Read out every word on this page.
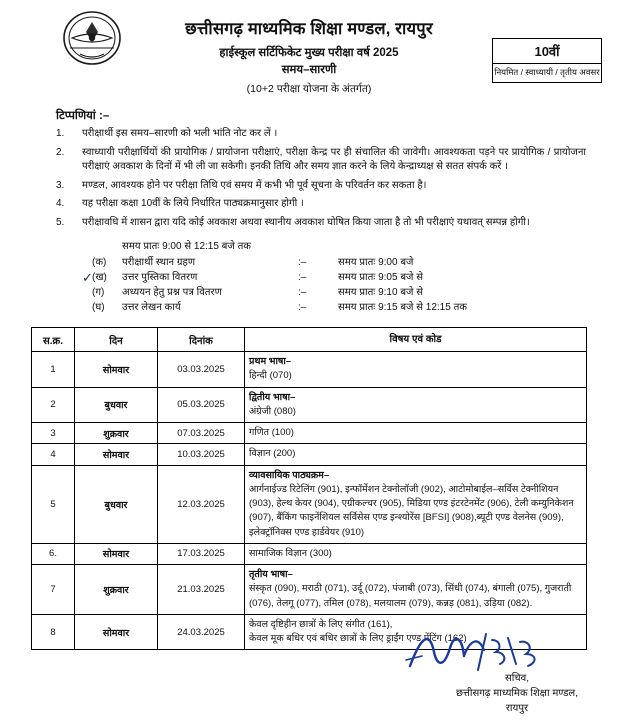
छत्तीसगढ़ माध्यमिक शिक्षा मण्डल, रायपुर
हाईस्कूल सर्टिफिकेट मुख्य परीक्षा वर्ष 2025
समय–सारणी
(10+2 परीक्षा योजना के अंतर्गत)
10वीं
नियमित / स्वाध्यायी / तृतीय अवसर
टिप्पणियां :–
1.	परीक्षार्थी इस समय–सारणी को भली भांति नोट कर लें ।
2.	स्वाध्यायी परीक्षार्थियों की प्रायोगिक / प्रायोजना परीक्षाएं, परीक्षा केन्द्र पर ही संचालित की जावेगी। आवश्यकता पड़ने पर प्रायोगिक / प्रायोजना परीक्षाएं अवकाश के दिनों में भी ली जा सकेगी। इनकी तिथि और समय ज्ञात करने के लिये केन्द्राध्यक्ष से सतत संपर्क करें ।
3.	मण्डल, आवश्यक होने पर परीक्षा तिथि एवं समय में कभी भी पूर्व सूचना के परिवर्तन कर सकता है।
4.	यह परीक्षा कक्षा 10वीं के लिये निर्धारित पाठ्यक्रमानुसार होगी ।
5.	परीक्षावधि में शासन द्वारा यदि कोई अवकाश अथवा स्थानीय अवकाश घोषित किया जाता है तो भी परीक्षाएं यथावत् सम्पन्न होगी।
समय प्रातः 9:00 से 12:15 बजे तक
(क)	परीक्षार्थी स्थान ग्रहण	:–	समय प्रातः 9:00 बजे
✓ (ख)	उत्तर पुस्तिका वितरण	:–	समय प्रातः 9:05 बजे से
(ग)	अध्ययन हेतु प्रश्न पत्र वितरण	:–	समय प्रातः 9:10 बजे से
(घ)	उत्तर लेखन कार्य	:–	समय प्रातः 9:15 बजे से 12:15 तक
स.क्र.	दिन	दिनांक	विषय एवं कोड
1	सोमवार	03.03.2025	प्रथम भाषा–
हिन्दी (070)

2	बुधवार	05.03.2025	द्वितीय भाषा–
अंग्रेजी (080)

3	शुक्रवार	07.03.2025	गणित (100)

4	सोमवार	10.03.2025	विज्ञान (200)

5	बुधवार	12.03.2025	व्यावसायिक पाठ्यक्रम–
आर्गनाईज्ड रिटेलिंग (901), इन्फॉर्मेशन टेक्नोलॉजी (902), आटोमोबाईल–सर्विस टेक्नीशियन (903), हेल्थ केयर (904), एग्रीकल्चर (905), मिडिया एण्ड इंटरटेनमेंट (906), टेली कम्युनिकेशन (907), बैंकिंग फाइनेंशियल सर्विसेस एण्ड इन्श्योरेंस [BFSI] (908),ब्यूटी एण्ड वेलनेस (909), इलेक्ट्रॉनिक्स एण्ड हार्डवेयर (910)

6.	सोमवार	17.03.2025	सामाजिक विज्ञान (300)

7	शुक्रवार	21.03.2025	तृतीय भाषा–
संस्कृत (090), मराठी (071), उर्दू (072), पंजाबी (073), सिंधी (074), बंगाली (075), गुजराती (076), तेलगू (077), तमिल (078), मलयालम (079), कन्नड़ (081), उड़िया (082).

8	सोमवार	24.03.2025	केवल दृष्टिहीन छात्रों के लिए संगीत (161),
केवल मूक बधिर एवं बधिर छात्रों के लिए ड्राईंग एण्ड पेंटिंग (162)
सचिव,
छत्तीसगढ़ माध्यमिक शिक्षा मण्डल,
रायपुर
